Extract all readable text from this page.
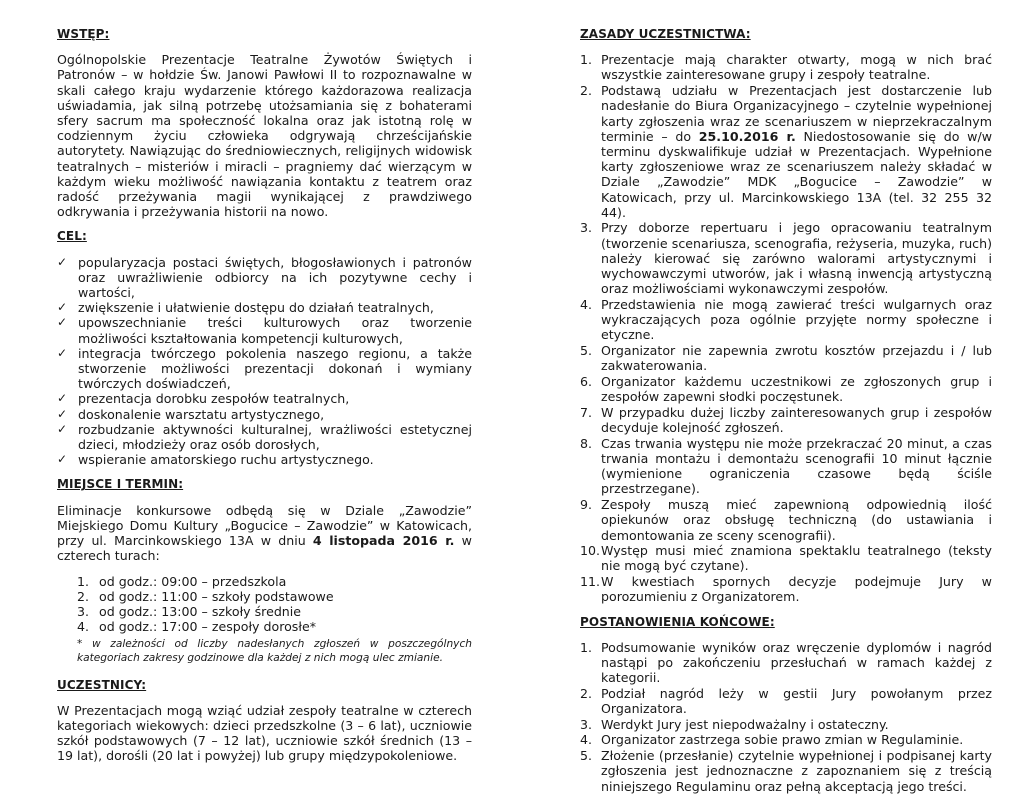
WSTĘP:

Ogólnopolskie Prezentacje Teatralne Żywotów Świętych i Patronów – w hołdzie Św. Janowi Pawłowi II to rozpoznawalne w skali całego kraju wydarzenie którego każdorazowa realizacja uświadamia, jak silną potrzebę utożsamiania się z bohaterami sfery sacrum ma społeczność lokalna oraz jak istotną rolę w codziennym życiu człowieka odgrywają chrześcijańskie autorytety. Nawiązując do średniowiecznych, religijnych widowisk teatralnych – misteriów i miracli – pragniemy dać wierzącym w każdym wieku możliwość nawiązania kontaktu z teatrem oraz radość przeżywania magii wynikającej z prawdziwego odkrywania i przeżywania historii na nowo.

CEL:
✓ popularyzacja postaci świętych, błogosławionych i patronów oraz uwrażliwienie odbiorcy na ich pozytywne cechy i wartości,
✓ zwiększenie i ułatwienie dostępu do działań teatralnych,
✓ upowszechnianie treści kulturowych oraz tworzenie możliwości kształtowania kompetencji kulturowych,
✓ integracja twórczego pokolenia naszego regionu, a także stworzenie możliwości prezentacji dokonań i wymiany twórczych doświadczeń,
✓ prezentacja dorobku zespołów teatralnych,
✓ doskonalenie warsztatu artystycznego,
✓ rozbudzanie aktywności kulturalnej, wrażliwości estetycznej dzieci, młodzieży oraz osób dorosłych,
✓ wspieranie amatorskiego ruchu artystycznego.
MIEJSCE I TERMIN:

Eliminacje konkursowe odbędą się w Dziale „Zawodzie” Miejskiego Domu Kultury „Bogucice – Zawodzie” w Katowicach, przy ul. Marcinkowskiego 13A w dniu 4 listopada 2016 r. w czterech turach:

1. od godz.: 09:00 – przedszkola
2. od godz.: 11:00 – szkoły podstawowe
3. od godz.: 13:00 – szkoły średnie
4. od godz.: 17:00 – zespoły dorosłe*

* w zależności od liczby nadesłanych zgłoszeń w poszczególnych kategoriach zakresy godzinowe dla każdej z nich mogą ulec zmianie.

UCZESTNICY:

W Prezentacjach mogą wziąć udział zespoły teatralne w czterech kategoriach wiekowych: dzieci przedszkolne (3 – 6 lat), uczniowie szkół podstawowych (7 – 12 lat), uczniowie szkół średnich (13 – 19 lat), dorośli (20 lat i powyżej) lub grupy międzypokoleniowe.

ZASADY UCZESTNICTWA:
1. Prezentacje mają charakter otwarty, mogą w nich brać wszystkie zainteresowane grupy i zespoły teatralne.
2. Podstawą udziału w Prezentacjach jest dostarczenie lub nadesłanie do Biura Organizacyjnego – czytelnie wypełnionej karty zgłoszenia wraz ze scenariuszem w nieprzekraczalnym terminie – do 25.10.2016 r. Niedostosowanie się do w/w terminu dyskwalifikuje udział w Prezentacjach. Wypełnione karty zgłoszeniowe wraz ze scenariuszem należy składać w Dziale „Zawodzie” MDK „Bogucice – Zawodzie” w Katowicach, przy ul. Marcinkowskiego 13A (tel. 32 255 32 44).
3. Przy doborze repertuaru i jego opracowaniu teatralnym (tworzenie scenariusza, scenografia, reżyseria, muzyka, ruch) należy kierować się zarówno walorami artystycznymi i wychowawczymi utworów, jak i własną inwencją artystyczną oraz możliwościami wykonawczymi zespołów.
4. Przedstawienia nie mogą zawierać treści wulgarnych oraz wykraczających poza ogólnie przyjęte normy społeczne i etyczne.
5. Organizator nie zapewnia zwrotu kosztów przejazdu i / lub zakwaterowania.
6. Organizator każdemu uczestnikowi ze zgłoszonych grup i zespołów zapewni słodki poczęstunek.
7. W przypadku dużej liczby zainteresowanych grup i zespołów decyduje kolejność zgłoszeń.
8. Czas trwania występu nie może przekraczać 20 minut, a czas trwania montażu i demontażu scenografii 10 minut łącznie (wymienione ograniczenia czasowe będą ściśle przestrzegane).
9. Zespoły muszą mieć zapewnioną odpowiednią ilość opiekunów oraz obsługę techniczną (do ustawiania i demontowania ze sceny scenografii).
10. Występ musi mieć znamiona spektaklu teatralnego (teksty nie mogą być czytane).
11. W kwestiach spornych decyzje podejmuje Jury w porozumieniu z Organizatorem.
POSTANOWIENIA KOŃCOWE:
1. Podsumowanie wyników oraz wręczenie dyplomów i nagród nastąpi po zakończeniu przesłuchań w ramach każdej z kategorii.
2. Podział nagród leży w gestii Jury powołanym przez Organizatora.
3. Werdykt Jury jest niepodważalny i ostateczny.
4. Organizator zastrzega sobie prawo zmian w Regulaminie.
5. Złożenie (przesłanie) czytelnie wypełnionej i podpisanej karty zgłoszenia jest jednoznaczne z zapoznaniem się z treścią niniejszego Regulaminu oraz pełną akceptacją jego treści.
